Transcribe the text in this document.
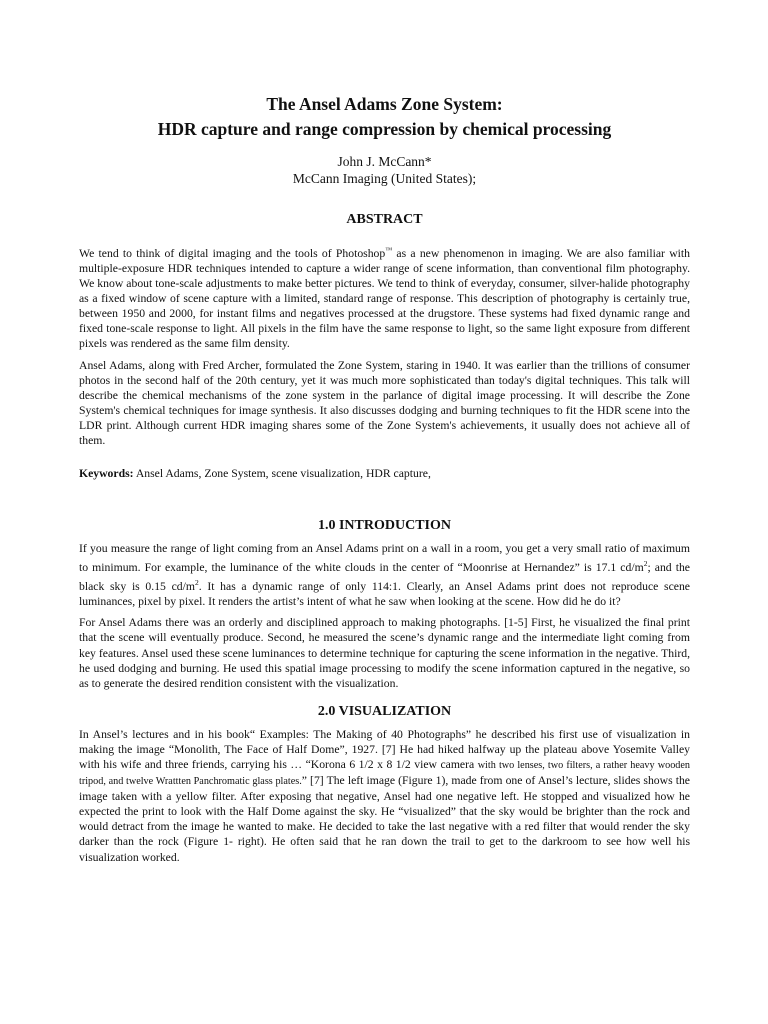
The Ansel Adams Zone System:
HDR capture and range compression by chemical processing
John J. McCann*
McCann Imaging (United States);
ABSTRACT

We tend to think of digital imaging and the tools of Photoshop™ as a new phenomenon in imaging. We are also familiar with multiple-exposure HDR techniques intended to capture a wider range of scene information, than conventional film photography. We know about tone-scale adjustments to make better pictures. We tend to think of everyday, consumer, silver-halide photography as a fixed window of scene capture with a limited, standard range of response. This description of photography is certainly true, between 1950 and 2000, for instant films and negatives processed at the drugstore. These systems had fixed dynamic range and fixed tone-scale response to light. All pixels in the film have the same response to light, so the same light exposure from different pixels was rendered as the same film density.

Ansel Adams, along with Fred Archer, formulated the Zone System, staring in 1940. It was earlier than the trillions of consumer photos in the second half of the 20th century, yet it was much more sophisticated than today's digital techniques. This talk will describe the chemical mechanisms of the zone system in the parlance of digital image processing. It will describe the Zone System's chemical techniques for image synthesis. It also discusses dodging and burning techniques to fit the HDR scene into the LDR print. Although current HDR imaging shares some of the Zone System's achievements, it usually does not achieve all of them.

Keywords: Ansel Adams, Zone System, scene visualization, HDR capture,

1.0 INTRODUCTION

If you measure the range of light coming from an Ansel Adams print on a wall in a room, you get a very small ratio of maximum to minimum. For example, the luminance of the white clouds in the center of “Moonrise at Hernandez” is 17.1 $cd/m^2$; and the black sky is 0.15 $cd/m^2$. It has a dynamic range of only 114:1. Clearly, an Ansel Adams print does not reproduce scene luminances, pixel by pixel. It renders the artist’s intent of what he saw when looking at the scene. How did he do it?

For Ansel Adams there was an orderly and disciplined approach to making photographs. [1-5] First, he visualized the final print that the scene will eventually produce. Second, he measured the scene’s dynamic range and the intermediate light coming from key features. Ansel used these scene luminances to determine technique for capturing the scene information in the negative. Third, he used dodging and burning. He used this spatial image processing to modify the scene information captured in the negative, so as to generate the desired rendition consistent with the visualization.

2.0 VISUALIZATION

In Ansel’s lectures and in his book“ Examples: The Making of 40 Photographs” he described his first use of visualization in making the image “Monolith, The Face of Half Dome”, 1927. [7] He had hiked halfway up the plateau above Yosemite Valley with his wife and three friends, carrying his … “Korona 6 1/2 x 8 1/2 view camera with two lenses, two filters, a rather heavy wooden tripod, and twelve Wrattten Panchromatic glass plates.” [7] The left image (Figure 1), made from one of Ansel’s lecture, slides shows the image taken with a yellow filter. After exposing that negative, Ansel had one negative left. He stopped and visualized how he expected the print to look with the Half Dome against the sky. He “visualized” that the sky would be brighter than the rock and would detract from the image he wanted to make. He decided to take the last negative with a red filter that would render the sky darker than the rock (Figure 1- right). He often said that he ran down the trail to get to the darkroom to see how well his visualization worked.
